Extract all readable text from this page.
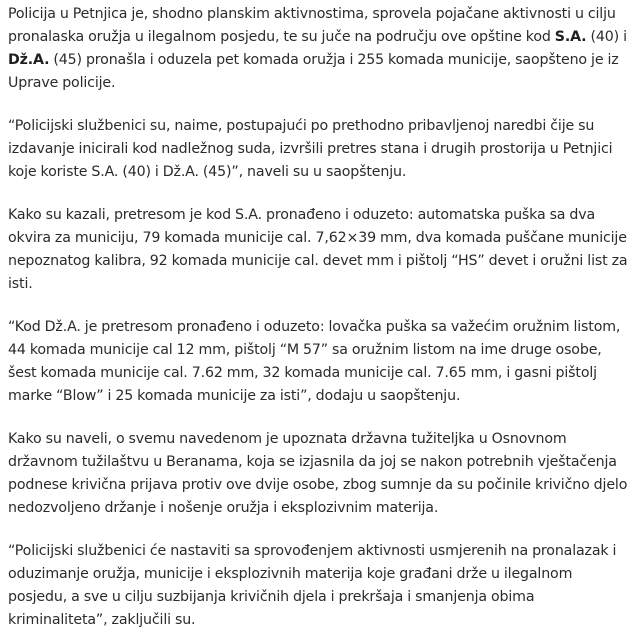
Policija u Petnjica je, shodno planskim aktivnostima, sprovela pojačane aktivnosti u cilju pronalaska oružja u ilegalnom posjedu, te su juče na području ove opštine kod S.A. (40) i Dž.A. (45) pronašla i oduzela pet komada oružja i 255 komada municije, saopšteno je iz Uprave policije.

“Policijski službenici su, naime, postupajući po prethodno pribavljenoj naredbi čije su izdavanje inicirali kod nadležnog suda, izvršili pretres stana i drugih prostorija u Petnjici koje koriste S.A. (40) i Dž.A. (45)”, naveli su u saopštenju.

Kako su kazali, pretresom je kod S.A. pronađeno i oduzeto: automatska puška sa dva okvira za municiju, 79 komada municije cal. 7,62×39 mm, dva komada puščane municije nepoznatog kalibra, 92 komada municije cal. devet mm i pištolj “HS” devet i oružni list za isti.

“Kod Dž.A. je pretresom pronađeno i oduzeto: lovačka puška sa važećim oružnim listom, 44 komada municije cal 12 mm, pištolj “M 57” sa oružnim listom na ime druge osobe, šest komada municije cal. 7.62 mm, 32 komada municije cal. 7.65 mm, i gasni pištolj marke “Blow” i 25 komada municije za isti”, dodaju u saopštenju.

Kako su naveli, o svemu navedenom je upoznata državna tužiteljka u Osnovnom državnom tužilaštvu u Beranama, koja se izjasnila da joj se nakon potrebnih vještačenja podnese krivična prijava protiv ove dvije osobe, zbog sumnje da su počinile krivično djelo nedozvoljeno držanje i nošenje oružja i eksplozivnim materija.

“Policijski službenici će nastaviti sa sprovođenjem aktivnosti usmjerenih na pronalazak i oduzimanje oružja, municije i eksplozivnih materija koje građani drže u ilegalnom posjedu, a sve u cilju suzbijanja krivičnih djela i prekršaja i smanjenja obima kriminaliteta”, zaključili su.
